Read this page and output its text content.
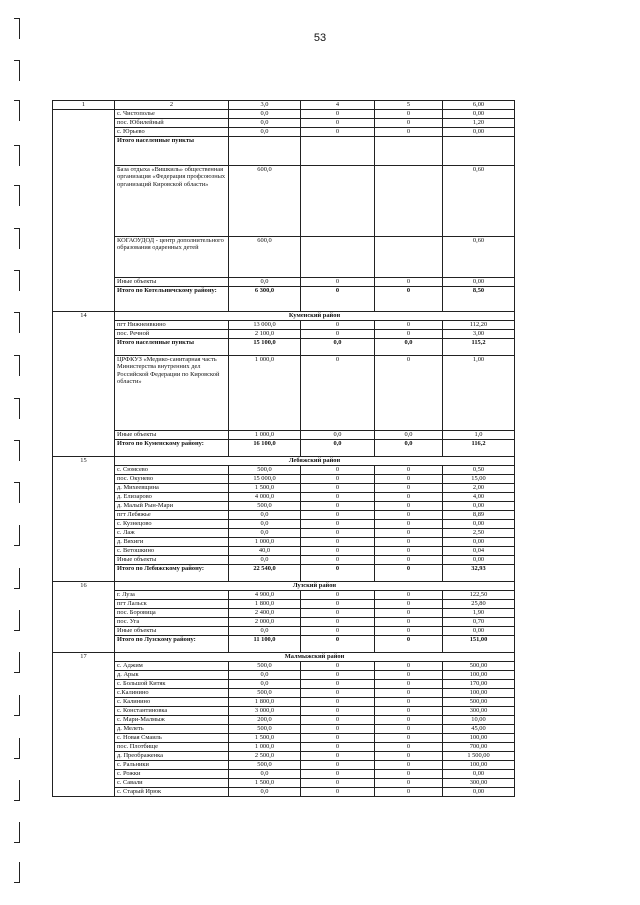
53
1	2	3,0	4	5	6,00
	с. Чистополье	0,0	0	0	0,00
	пос. Юбилейный	0,0	0	0	1,20
	с. Юрьево	0,0	0	0	0,00
	Итого населенные пункты				
	База отдыха «Вишкиль» общественная организация «Федерация профсоюзных организаций Кировской области»	600,0			0,60
	КОГАОУДОД - центр дополнительного образования одаренных детей	600,0			0,60
	Иные объекты	0,0	0	0	0,00
	Итого по Котельничскому району:	6 300,0	0	0	8,50
14	Куменский район				
	пгт Нижнеивкино	13 000,0	0	0	112,20
	пос. Речной	2 100,0	0	0	3,00
	Итого населенные пункты	15 100,0	0,0	0,0	115,2
	ЦРФКУЗ «Медико-санитарная часть Министерства внутренних дел Российской Федерации по Кировской области»	1 000,0	0	0	1,00
	Иные объекты	1 000,0	0,0	0,0	1,0
	Итого по Куменскому району:	16 100,0	0,0	0,0	116,2
15	Лебяжский район				
	с. Сюмсево	500,0	0	0	0,50
	пос. Окунево	15 000,0	0	0	15,00
	д. Михеевщина	1 500,0	0	0	2,00
	д. Елизарово	4 000,0	0	0	4,00
	д. Малый Рын-Мари	500,0	0	0	0,00
	пгт Лебяжье	0,0	0	0	8,89
	с. Кузнецово	0,0	0	0	0,00
	с. Лаж	0,0	0	0	2,50
	д. Вяхиги	1 000,0	0	0	0,00
	с. Ветошкино	40,0	0	0	0,04
	Иные объекты	0,0	0	0	0,00
	Итого по Лебяжскому району:	22 540,0	0	0	32,93
16	Лузский район				
	г. Луза	4 900,0	0	0	122,50
	пгт Лальск	1 800,0	0	0	25,80
	пос. Боровица	2 400,0	0	0	1,90
	пос. Уга	2 000,0	0	0	0,70
	Иные объекты	0,0	0	0	0,00
	Итого по Лузскому району:	11 100,0	0	0	151,00
17	Малмыжский район				
	с. Аджим	500,0	0	0	500,00
	д. Арык	0,0	0	0	100,00
	с. Большой Китяк	0,0	0	0	170,00
	с.Калинино	500,0	0	0	100,00
	с. Калинино	1 800,0	0	0	500,00
	с. Константиновка	3 000,0	0	0	300,00
	с. Мари-Малмыж	200,0	0	0	10,00
	д. Мелеть	500,0	0	0	45,00
	с. Новая Смаиль	1 500,0	0	0	100,00
	пос. Плотбище	1 000,0	0	0	700,00
	д. Преображенка	2 500,0	0	0	1 500,00
	с. Ральники	500,0	0	0	100,00
	с. Рожки	0,0	0	0	0,00
	с. Савали	1 500,0	0	0	300,00
	с. Старый Ирюк	0,0	0	0	0,00
